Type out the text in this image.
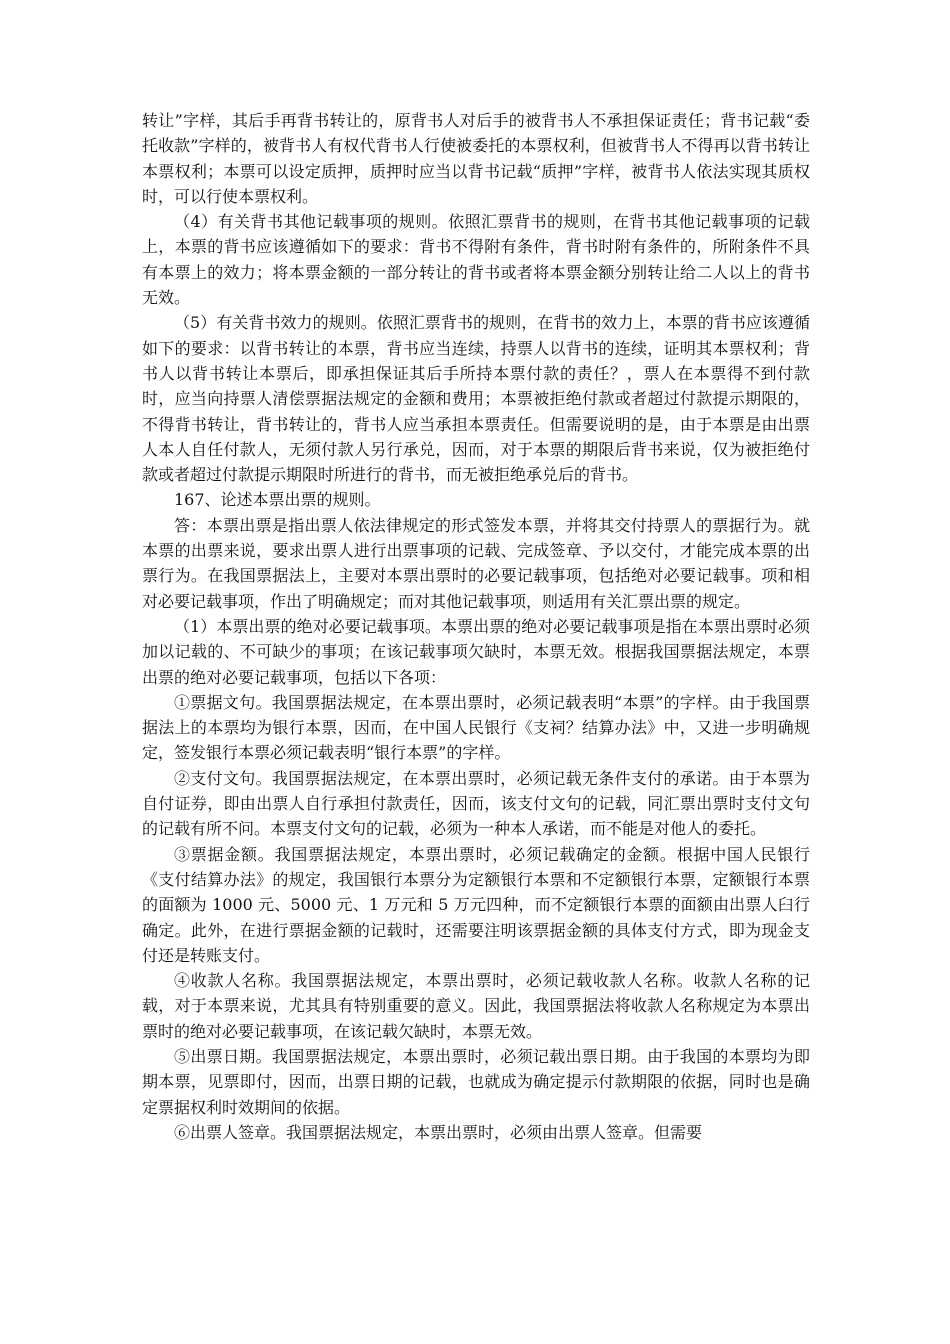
转让”字样，其后手再背书转让的，原背书人对后手的被背书人不承担保证责任；背书记载“委托收款”字样的，被背书人有权代背书人行使被委托的本票权利，但被背书人不得再以背书转让本票权利；本票可以设定质押，质押时应当以背书记载“质押”字样，被背书人依法实现其质权时，可以行使本票权利。

（4）有关背书其他记载事项的规则。依照汇票背书的规则，在背书其他记载事项的记载上，本票的背书应该遵循如下的要求：背书不得附有条件，背书时附有条件的，所附条件不具有本票上的效力；将本票金额的一部分转让的背书或者将本票金额分别转让给二人以上的背书无效。

（5）有关背书效力的规则。依照汇票背书的规则，在背书的效力上，本票的背书应该遵循如下的要求：以背书转让的本票，背书应当连续，持票人以背书的连续，证明其本票权利；背书人以背书转让本票后，即承担保证其后手所持本票付款的责任？，票人在本票得不到付款时，应当向持票人清偿票据法规定的金额和费用；本票被拒绝付款或者超过付款提示期限的，不得背书转让，背书转让的，背书人应当承担本票责任。但需要说明的是，由于本票是由出票人本人自任付款人，无须付款人另行承兑，因而，对于本票的期限后背书来说，仅为被拒绝付款或者超过付款提示期限时所进行的背书，而无被拒绝承兑后的背书。

167、论述本票出票的规则。

答：本票出票是指出票人依法律规定的形式签发本票，并将其交付持票人的票据行为。就本票的出票来说，要求出票人进行出票事项的记载、完成签章、予以交付，才能完成本票的出票行为。在我国票据法上，主要对本票出票时的必要记载事项，包括绝对必要记载事。项和相对必要记载事项，作出了明确规定；而对其他记载事项，则适用有关汇票出票的规定。

（1）本票出票的绝对必要记载事项。本票出票的绝对必要记载事项是指在本票出票时必须加以记载的、不可缺少的事项；在该记载事项欠缺时，本票无效。根据我国票据法规定，本票出票的绝对必要记载事项，包括以下各项：

①票据文句。我国票据法规定，在本票出票时，必须记载表明“本票”的字样。由于我国票据法上的本票均为银行本票，因而，在中国人民银行《支祠？结算办法》中，又进一步明确规定，签发银行本票必须记载表明“银行本票”的字样。

②支付文句。我国票据法规定，在本票出票时，必须记载无条件支付的承诺。由于本票为自付证券，即由出票人自行承担付款责任，因而，该支付文句的记载，同汇票出票时支付文句的记载有所不问。本票支付文句的记载，必须为一种本人承诺，而不能是对他人的委托。

③票据金额。我国票据法规定，本票出票时，必须记载确定的金额。根据中国人民银行《支付结算办法》的规定，我国银行本票分为定额银行本票和不定额银行本票，定额银行本票的面额为 1000 元、5000 元、1 万元和 5 万元四种，而不定额银行本票的面额由出票人臼行确定。此外，在进行票据金额的记载时，还需要注明该票据金额的具体支付方式，即为现金支付还是转账支付。

④收款人名称。我国票据法规定，本票出票时，必须记载收款人名称。收款人名称的记载，对于本票来说，尤其具有特别重要的意义。因此，我国票据法将收款人名称规定为本票出票时的绝对必要记载事项，在该记载欠缺时，本票无效。

⑤出票日期。我国票据法规定，本票出票时，必须记载出票日期。由于我国的本票均为即期本票，见票即付，因而，出票日期的记载，也就成为确定提示付款期限的依据，同时也是确定票据权利时效期间的依据。

⑥出票人签章。我国票据法规定，本票出票时，必须由出票人签章。但需要
